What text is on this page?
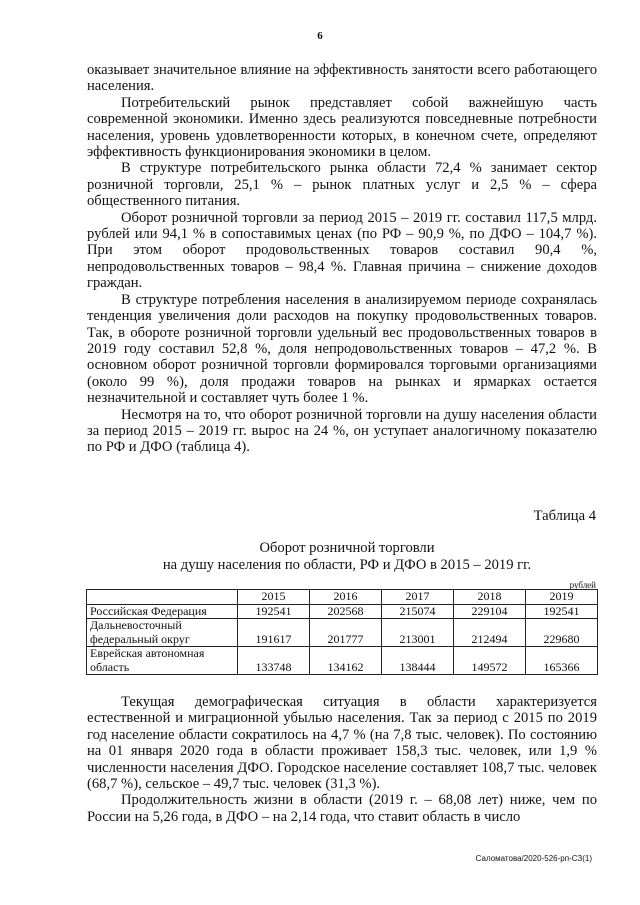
6

оказывает значительное влияние на эффективность занятости всего работающего населения.

Потребительский рынок представляет собой важнейшую часть современной экономики. Именно здесь реализуются повседневные потребности населения, уровень удовлетворенности которых, в конечном счете, определяют эффективность функционирования экономики в целом.

В структуре потребительского рынка области 72,4 % занимает сектор розничной торговли, 25,1 % – рынок платных услуг и 2,5 % – сфера общественного питания.

Оборот розничной торговли за период 2015 – 2019 гг. составил 117,5 млрд. рублей или 94,1 % в сопоставимых ценах (по РФ – 90,9 %, по ДФО – 104,7 %). При этом оборот продовольственных товаров составил 90,4 %, непродовольственных товаров – 98,4 %. Главная причина – снижение доходов граждан.

В структуре потребления населения в анализируемом периоде сохранялась тенденция увеличения доли расходов на покупку продовольственных товаров. Так, в обороте розничной торговли удельный вес продовольственных товаров в 2019 году составил 52,8 %, доля непродовольственных товаров – 47,2 %. В основном оборот розничной торговли формировался торговыми организациями (около 99 %), доля продажи товаров на рынках и ярмарках остается незначительной и составляет чуть более 1 %.

Несмотря на то, что оборот розничной торговли на душу населения области за период 2015 – 2019 гг. вырос на 24 %, он уступает аналогичному показателю по РФ и ДФО (таблица 4).

Таблица 4
Оборот розничной торговли
на душу населения по области, РФ и ДФО в 2015 – 2019 гг.
рублей
	2015	2016	2017	2018	2019
Российская Федерация	192541	202568	215074	229104	192541
Дальневосточный федеральный округ	191617	201777	213001	212494	229680
Еврейская автономная область	133748	134162	138444	149572	165366

Текущая демографическая ситуация в области характеризуется естественной и миграционной убылью населения. Так за период с 2015 по 2019 год население области сократилось на 4,7 % (на 7,8 тыс. человек). По состоянию на 01 января 2020 года в области проживает 158,3 тыс. человек, или 1,9 % численности населения ДФО. Городское население составляет 108,7 тыс. человек (68,7 %), сельское – 49,7 тыс. человек (31,3 %).

Продолжительность жизни в области (2019 г. – 68,08 лет) ниже, чем по России на 5,26 года, в ДФО – на 2,14 года, что ставит область в число

Саломатова/2020-526-рп-СЗ(1)
